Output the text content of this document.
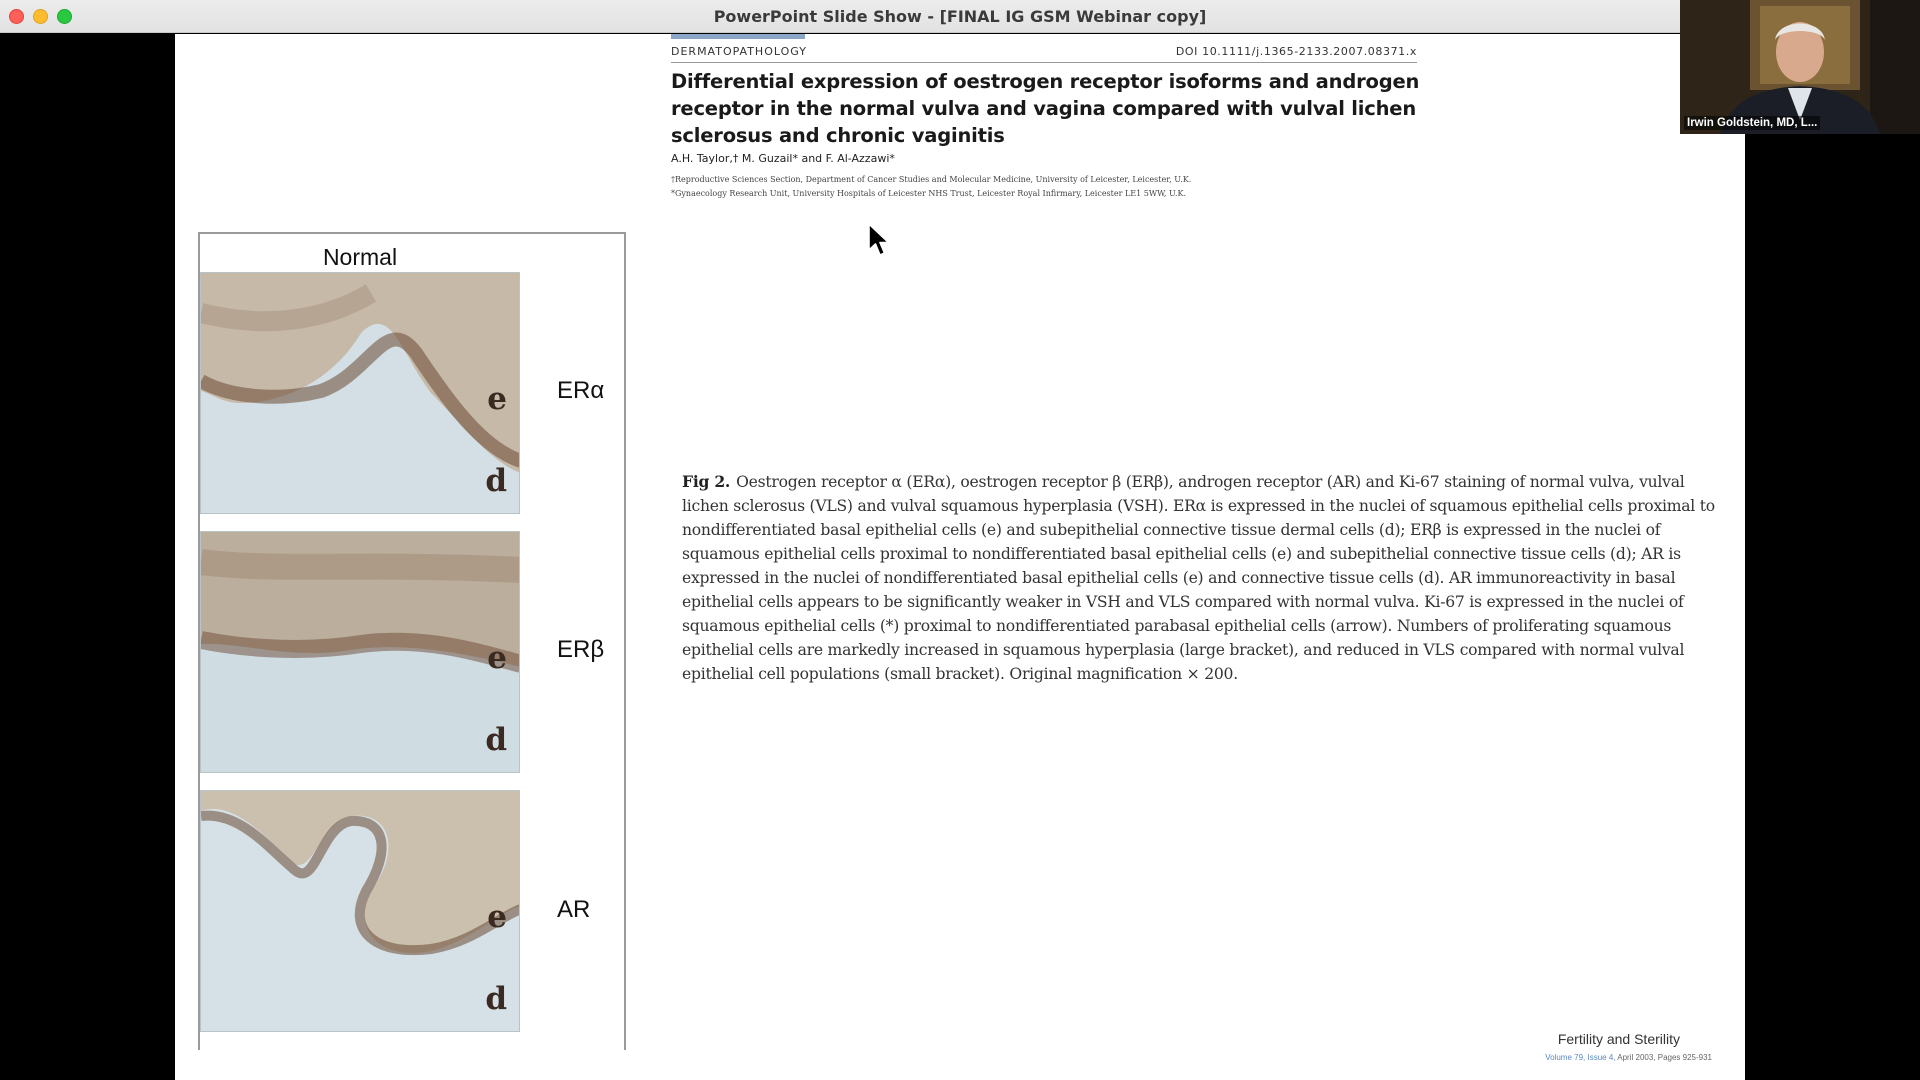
PowerPoint Slide Show - [FINAL IG GSM Webinar copy]
DERMATOPATHOLOGY	DOI 10.1111/j.1365-2133.2007.08371.x
Differential expression of oestrogen receptor isoforms and androgen receptor in the normal vulva and vagina compared with vulval lichen sclerosus and chronic vaginitis
A.H. Taylor,† M. Guzail* and F. Al-Azzawi*
†Reproductive Sciences Section, Department of Cancer Studies and Molecular Medicine, University of Leicester, Leicester, U.K.
*Gynaecology Research Unit, University Hospitals of Leicester NHS Trust, Leicester Royal Infirmary, Leicester LE1 5WW, U.K.
Normal
e
d
ERα
e
d
ERβ
e
d
AR
Fig 2. Oestrogen receptor α (ERα), oestrogen receptor β (ERβ), androgen receptor (AR) and Ki-67 staining of normal vulva, vulval lichen sclerosus (VLS) and vulval squamous hyperplasia (VSH). ERα is expressed in the nuclei of squamous epithelial cells proximal to nondifferentiated basal epithelial cells (e) and subepithelial connective tissue dermal cells (d); ERβ is expressed in the nuclei of squamous epithelial cells proximal to nondifferentiated basal epithelial cells (e) and subepithelial connective tissue cells (d); AR is expressed in the nuclei of nondifferentiated basal epithelial cells (e) and connective tissue cells (d). AR immunoreactivity in basal epithelial cells appears to be significantly weaker in VSH and VLS compared with normal vulva. Ki-67 is expressed in the nuclei of squamous epithelial cells (*) proximal to nondifferentiated parabasal epithelial cells (arrow). Numbers of proliferating squamous epithelial cells are markedly increased in squamous hyperplasia (large bracket), and reduced in VLS compared with normal vulval epithelial cell populations (small bracket). Original magnification × 200.
Fertility and Sterility
Volume 79, Issue 4, April 2003, Pages 925-931
Irwin Goldstein, MD, L...
